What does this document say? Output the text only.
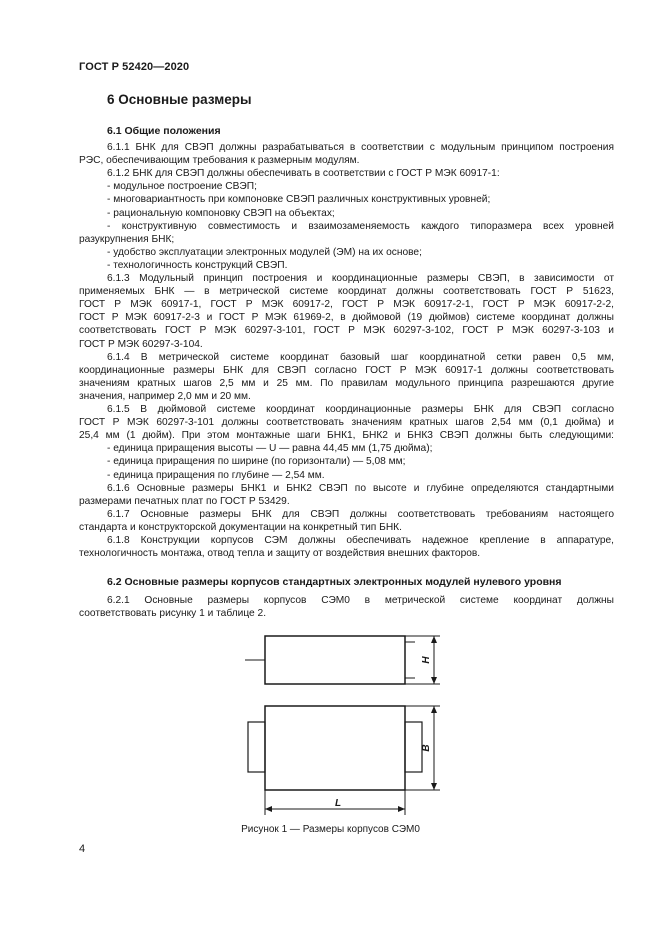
ГОСТ Р 52420—2020
6 Основные размеры
6.1 Общие положения
6.1.1 БНК для СВЭП должны разрабатываться в соответствии с модульным принципом построения
РЭС, обеспечивающим требования к размерным модулям.
6.1.2 БНК для СВЭП должны обеспечивать в соответствии с ГОСТ Р МЭК 60917-1:
- модульное построение СВЭП;
- многовариантность при компоновке СВЭП различных конструктивных уровней;
- рациональную компоновку СВЭП на объектах;
- конструктивную совместимость и взаимозаменяемость каждого типоразмера всех уровней
разукрупнения БНК;
- удобство эксплуатации электронных модулей (ЭМ) на их основе;
- технологичность конструкций СВЭП.
6.1.3 Модульный принцип построения и координационные размеры СВЭП, в зависимости от
применяемых БНК — в метрической системе координат должны соответствовать ГОСТ Р 51623,
ГОСТ Р МЭК 60917-1, ГОСТ Р МЭК 60917-2, ГОСТ Р МЭК 60917-2-1, ГОСТ Р МЭК 60917-2-2,
ГОСТ Р МЭК 60917-2-3 и ГОСТ Р МЭК 61969-2, в дюймовой (19 дюймов) системе координат должны
соответствовать ГОСТ Р МЭК 60297-3-101, ГОСТ Р МЭК 60297-3-102, ГОСТ Р МЭК 60297-3-103 и
ГОСТ Р МЭК 60297-3-104.
6.1.4 В метрической системе координат базовый шаг координатной сетки равен 0,5 мм,
координационные размеры БНК для СВЭП согласно ГОСТ Р МЭК 60917-1 должны соответствовать
значениям кратных шагов 2,5 мм и 25 мм. По правилам модульного принципа разрешаются другие
значения, например 2,0 мм и 20 мм.
6.1.5 В дюймовой системе координат координационные размеры БНК для СВЭП согласно
ГОСТ Р МЭК 60297-3-101 должны соответствовать значениям кратных шагов 2,54 мм (0,1 дюйма) и
25,4 мм (1 дюйм). При этом монтажные шаги БНК1, БНК2 и БНК3 СВЭП должны быть следующими:
- единица приращения высоты — U — равна 44,45 мм (1,75 дюйма);
- единица приращения по ширине (по горизонтали) — 5,08 мм;
- единица приращения по глубине — 2,54 мм.
6.1.6 Основные размеры БНК1 и БНК2 СВЭП по высоте и глубине определяются стандартными
размерами печатных плат по ГОСТ Р 53429.
6.1.7 Основные размеры БНК для СВЭП должны соответствовать требованиям настоящего
стандарта и конструкторской документации на конкретный тип БНК.
6.1.8 Конструкции корпусов СЭМ должны обеспечивать надежное крепление в аппаратуре,
технологичность монтажа, отвод тепла и защиту от воздействия внешних факторов.
6.2 Основные размеры корпусов стандартных электронных модулей нулевого уровня
6.2.1 Основные размеры корпусов СЭМ0 в метрической системе координат должны
соответствовать рисунку 1 и таблице 2.
H
B
L
Рисунок 1 — Размеры корпусов СЭМ0
4
